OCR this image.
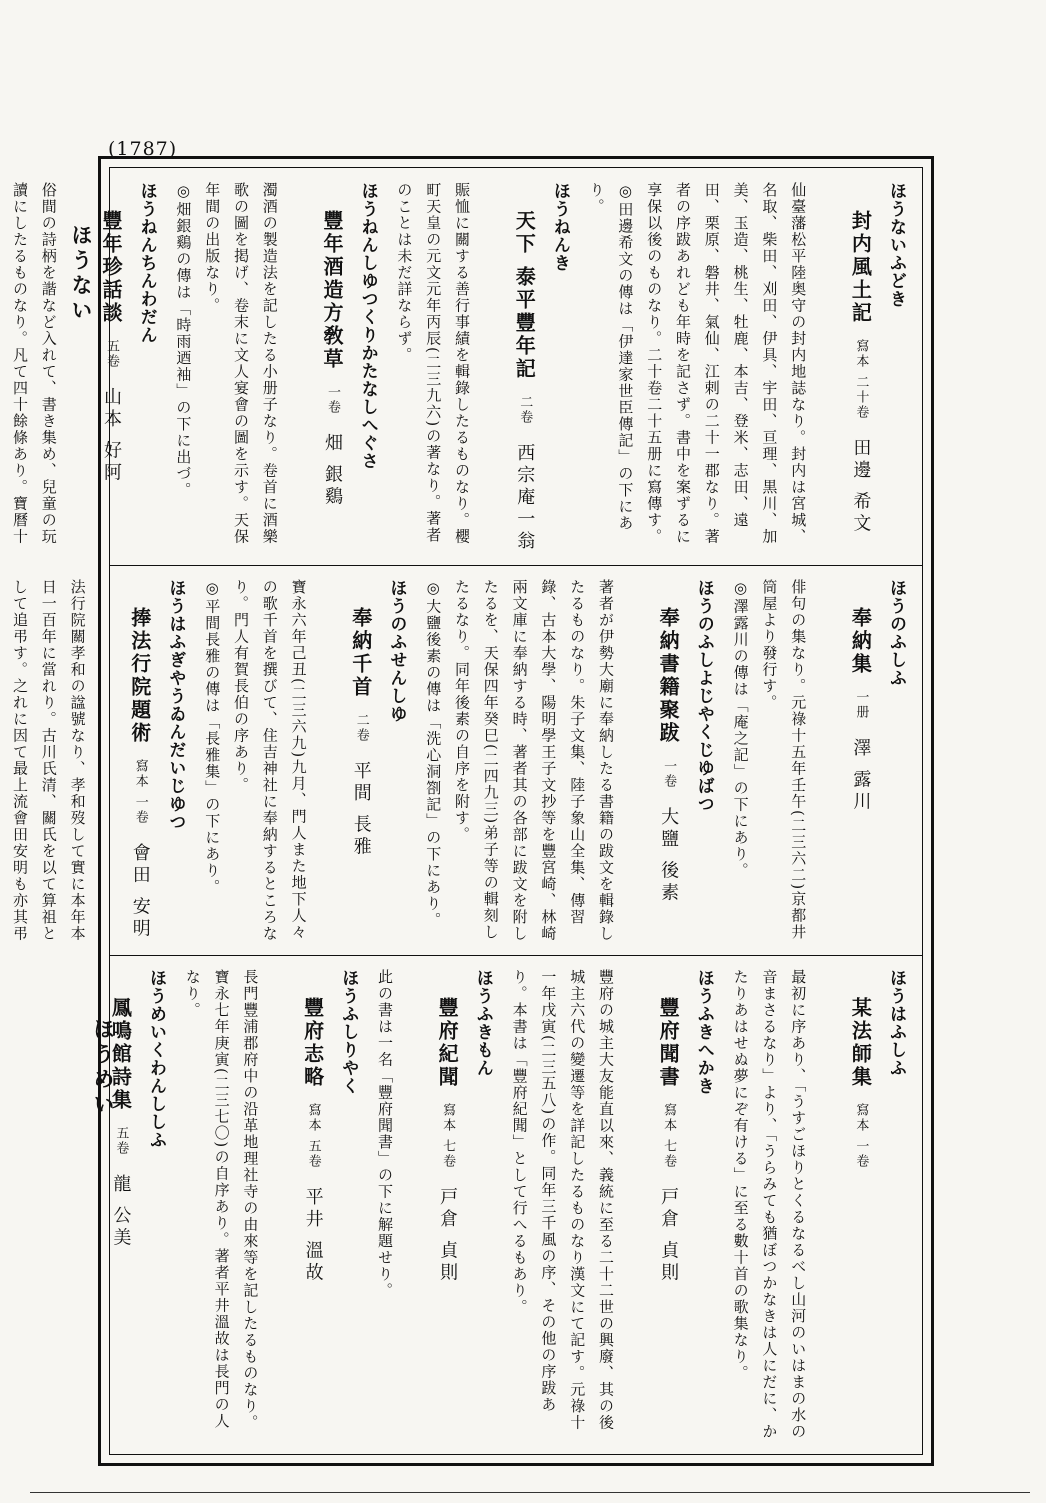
(1787)
ほうない
ほうめい
ほうないふどき

封内風土記寫本 二十卷田邊 希文

仙臺藩松平陸奥守の封内地誌なり。封内は宮城、名取、柴田、刈田、伊具、宇田、亘理、黒川、加美、玉造、桃生、牡鹿、本吉、登米、志田、遠田、栗原、磐井、氣仙、江剌の二十一郡なり。著者の序跋あれども年時を記さず。書中を案ずるに享保以後のものなり。二十卷二十五册に寫傳す。
◎田邊希文の傳は「伊達家世臣傳記」の下にあり。
ほうねんき

天下 泰平豐年記二卷西宗庵一翁

賑恤に關する善行事績を輯錄したるものなり。櫻町天皇の元文元年丙辰(二三九六)の著なり。著者のことは未だ詳ならず。
ほうねんしゆつくりかたなしへぐさ

豐年酒造方敎草一卷畑 銀鷄

濁酒の製造法を記したる小册子なり。卷首に酒樂歌の圖を掲げ、卷末に文人宴會の圖を示す。天保年間の出版なり。
◎畑銀鷄の傳は「時雨迺袖」の下に出づ。
ほうねんちんわだん

豐年珍話談五卷山本 好阿

俗間の詩柄を諧など入れて、書き集め、兒童の玩讀にしたるものなり。凡て四十餘條あり。寶曆十

ほうのふしふ

奉納集一册澤 露川

俳句の集なり。元祿十五年壬午(二三六二)京都井筒屋より發行す。
◎澤露川の傳は「庵之記」の下にあり。
ほうのふしよじやくじゆばつ

奉納書籍聚跋一卷大鹽 後素

著者が伊勢大廟に奉納したる書籍の跋文を輯錄したるものなり。朱子文集、陸子象山全集、傳習錄、古本大學、陽明學王子文抄等を豐宮崎、林崎兩文庫に奉納する時、著者其の各部に跋文を附したるを、天保四年癸巳(二四九三)弟子等の輯刻したるなり。同年後素の自序を附す。
◎大鹽後素の傳は「洗心洞劄記」の下にあり。
ほうのふせんしゆ

奉納千首二卷平間 長雅

寶永六年己丑(二三六九)九月、門人また地下人々の歌千首を撰びて、住吉神社に奉納するところなり。門人有賀長伯の序あり。
◎平間長雅の傳は「長雅集」の下にあり。
ほうはふぎやうゐんだいじゆつ

捧法行院題術寫本 一卷會田 安明

法行院關孝和の諡號なり、孝和歿して實に本年本日一百年に當れり。古川氏清、關氏を以て算祖として追弔す。之れに因て最上流會田安明も亦其弔

ほうはふしふ

某法師集寫本 一卷

最初に序あり、「うすごほりとくるなるべし山河のいはまの水の音まさるなり」より、「うらみても猶ぼつかなきは人にだに、かたりあはせぬ夢にぞ有ける」に至る數十首の歌集なり。
ほうふきへかき

豐府聞書寫本 七卷戸倉 貞則

豐府の城主大友能直以來、義統に至る二十二世の興廢、其の後城主六代の變遷等を詳記したるものなり漢文にて記す。元祿十一年戊寅(二三五八)の作。同年三千風の序、その他の序跋あり。本書は「豐府紀聞」として行へるもあり。
ほうふきもん

豐府紀聞寫本 七卷戸倉 貞則

此の書は一名「豐府聞書」の下に解題せり。
ほうふしりやく

豐府志略寫本 五卷平井 溫故

長門豐浦郡府中の沿革地理社寺の由來等を記したるものなり。寶永七年庚寅(二三七〇)の自序あり。著者平井溫故は長門の人なり。
ほうめいくわんししふ

鳳鳴館詩集五卷龍 公美
